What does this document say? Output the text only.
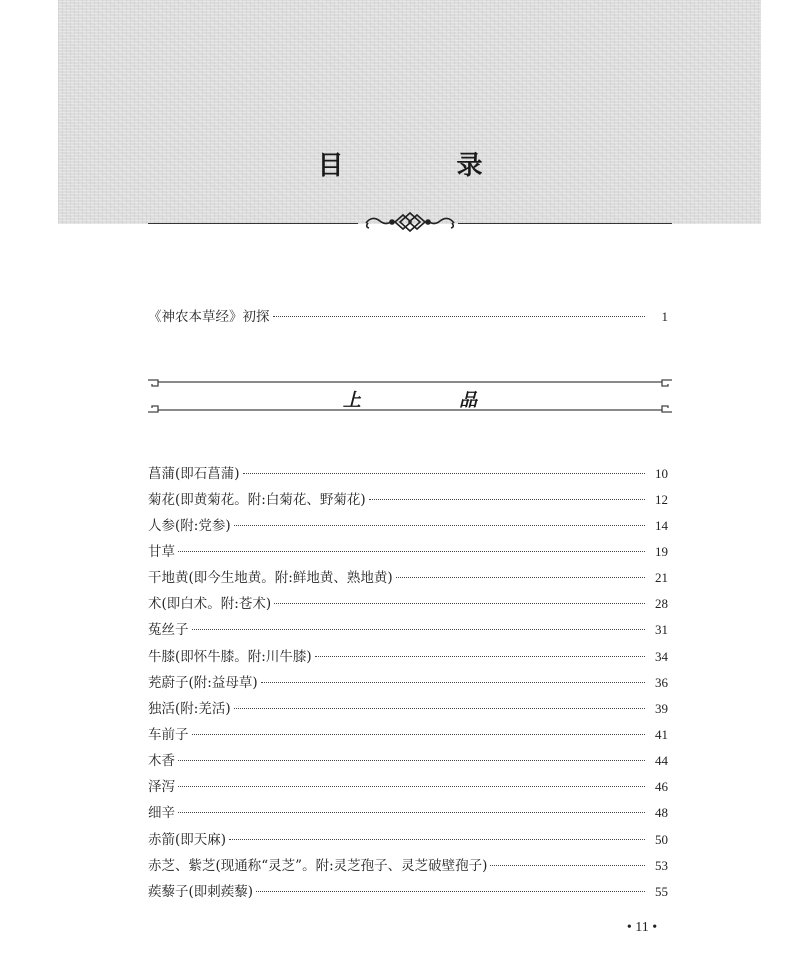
目 录
《神农本草经》初探	1
上 品
菖蒲(即石菖蒲)	10
菊花(即黄菊花。附:白菊花、野菊花)	12
人参(附:党参)	14
甘草	19
干地黄(即今生地黄。附:鲜地黄、熟地黄)	21
术(即白术。附:苍术)	28
菟丝子	31
牛膝(即怀牛膝。附:川牛膝)	34
茺蔚子(附:益母草)	36
独活(附:羌活)	39
车前子	41
木香	44
泽泻	46
细辛	48
赤箭(即天麻)	50
赤芝、紫芝(现通称“灵芝”。附:灵芝孢子、灵芝破壁孢子)	53
蒺藜子(即刺蒺藜)	55
• 11 •
